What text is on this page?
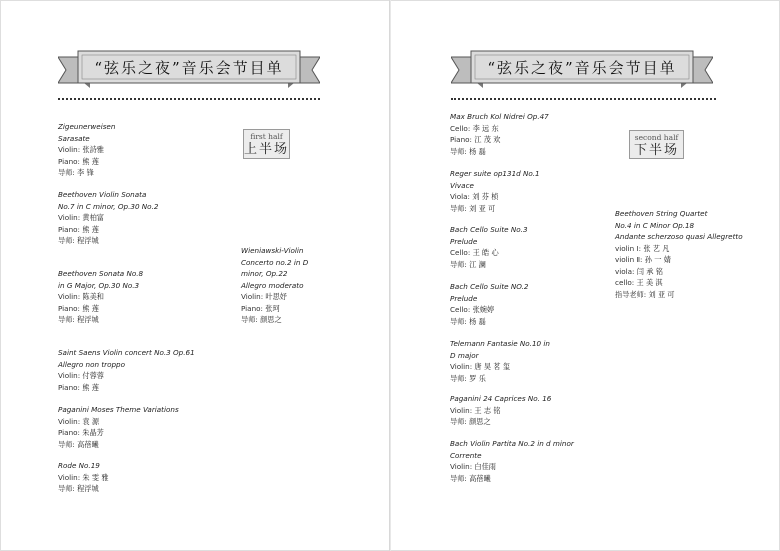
“弦乐之夜”音乐会节目单
first half
上半场
Zigeunerweisen
Sarasate
Violin: 张詩雅
Piano: 熊 莲
导师: 李 锋
Beethoven Violin Sonata
No.7 in C minor, Op.30 No.2
Violin: 黄柏富
Piano: 熊 莲
导师: 程浮城
Wieniawski-Violin
Concerto no.2 in D
minor, Op.22
Allegro moderato
Violin: 叶思妤
Piano: 张珂
导师: 颜思之
Beethoven Sonata No.8
in G Major, Op.30 No.3
Violin: 陈美和
Piano: 熊 莲
导师: 程浮城
Saint Saens Violin concert No.3 Op.61
Allegro non troppo
Violin: 付蓉蓉
Piano: 熊 莲
Paganini Moses Theme Variations
Violin: 袁 源
Piano: 朱晶芳
导师: 高蓓曦
Rode No.19
Violin: 朱 雯 雅
导师: 程浮城
“弦乐之夜”音乐会节目单
second half
下半场
Max Bruch Kol Nidrei Op.47
Cello: 李 远 东
Piano: 江 茂 欢
导师: 杨 磊
Reger suite op131d No.1
Vivace
Viola: 刘 芬 桢
导师: 刘 亚 可
Beethoven String Quartet
No.4 in C Minor Op.18
Andante scherzoso quasi Allegretto
violin Ⅰ: 张 艺 凡
violin Ⅱ: 孙 一 婧
viola: 闫 承 铭
cello: 王 美 淇
指导老师: 刘 亚 可
Bach Cello Suite No.3
Prelude
Cello: 王 皓 心
导师: 江 澜
Bach Cello Suite NO.2
Prelude
Cello: 张婉婷
导师: 杨 磊
Telemann Fantasie No.10 in
D major
Violin: 唐 昊 茗 玺
导师: 罗 乐
Paganini 24 Caprices No. 16
Violin: 王 志 铭
导师: 颜思之
Bach Violin Partita No.2 in d minor
Corrente
Violin: 白佳雨
导师: 高蓓曦
